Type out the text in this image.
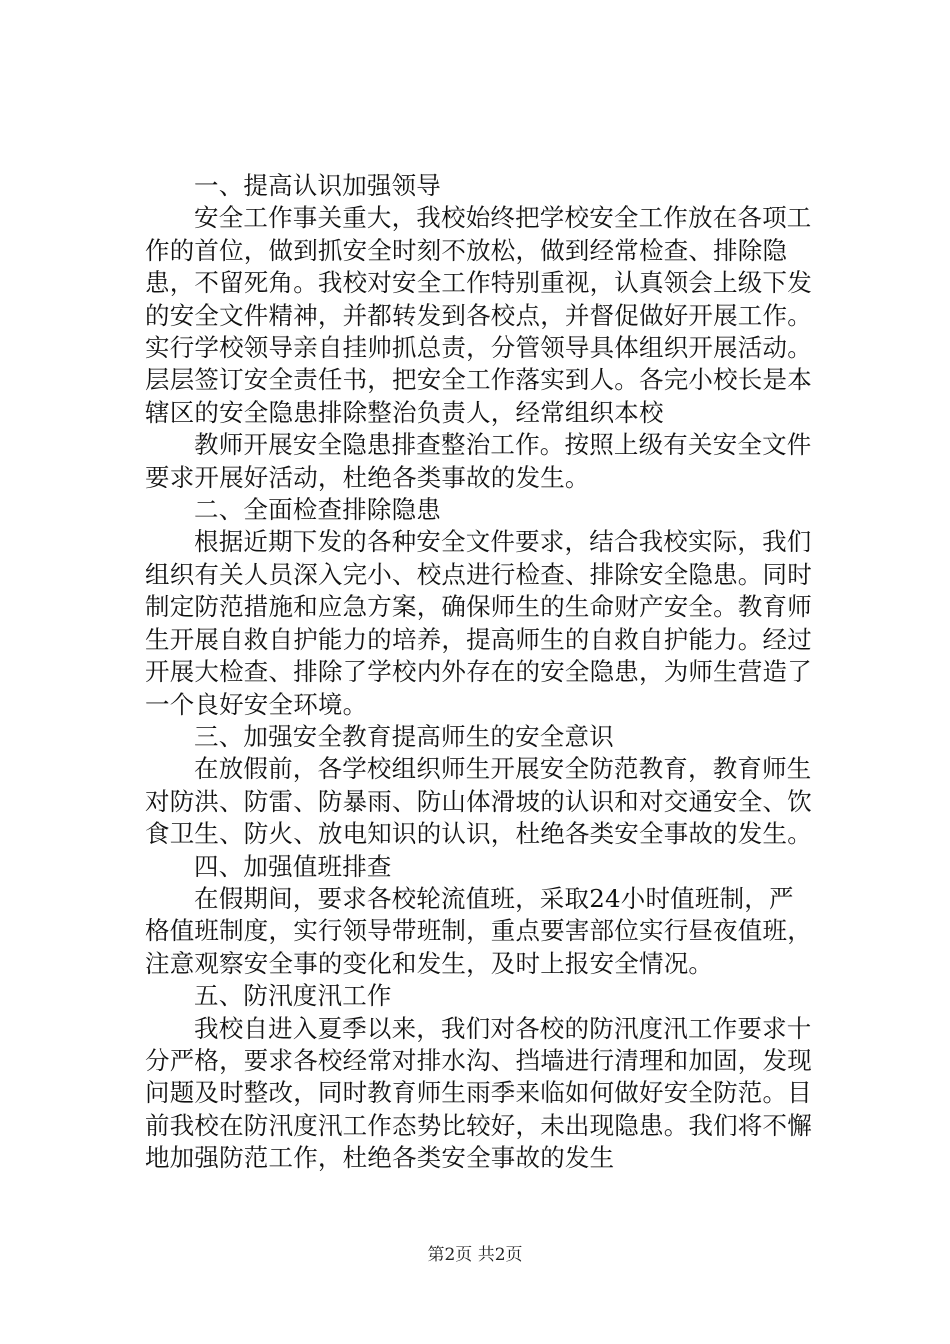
一、提高认识加强领导

安全工作事关重大，我校始终把学校安全工作放在各项工作的首位，做到抓安全时刻不放松，做到经常检查、排除隐患，不留死角。我校对安全工作特别重视，认真领会上级下发的安全文件精神，并都转发到各校点，并督促做好开展工作。实行学校领导亲自挂帅抓总责，分管领导具体组织开展活动。层层签订安全责任书，把安全工作落实到人。各完小校长是本辖区的安全隐患排除整治负责人，经常组织本校

教师开展安全隐患排查整治工作。按照上级有关安全文件要求开展好活动，杜绝各类事故的发生。

二、全面检查排除隐患

根据近期下发的各种安全文件要求，结合我校实际，我们组织有关人员深入完小、校点进行检查、排除安全隐患。同时制定防范措施和应急方案，确保师生的生命财产安全。教育师生开展自救自护能力的培养，提高师生的自救自护能力。经过开展大检查、排除了学校内外存在的安全隐患，为师生营造了一个良好安全环境。

三、加强安全教育提高师生的安全意识

在放假前，各学校组织师生开展安全防范教育，教育师生对防洪、防雷、防暴雨、防山体滑坡的认识和对交通安全、饮食卫生、防火、放电知识的认识，杜绝各类安全事故的发生。

四、加强值班排查

在假期间，要求各校轮流值班，采取24小时值班制，严格值班制度，实行领导带班制，重点要害部位实行昼夜值班，注意观察安全事的变化和发生，及时上报安全情况。

五、防汛度汛工作

我校自进入夏季以来，我们对各校的防汛度汛工作要求十分严格，要求各校经常对排水沟、挡墙进行清理和加固，发现问题及时整改，同时教育师生雨季来临如何做好安全防范。目前我校在防汛度汛工作态势比较好，未出现隐患。我们将不懈地加强防范工作，杜绝各类安全事故的发生

第2页 共2页
